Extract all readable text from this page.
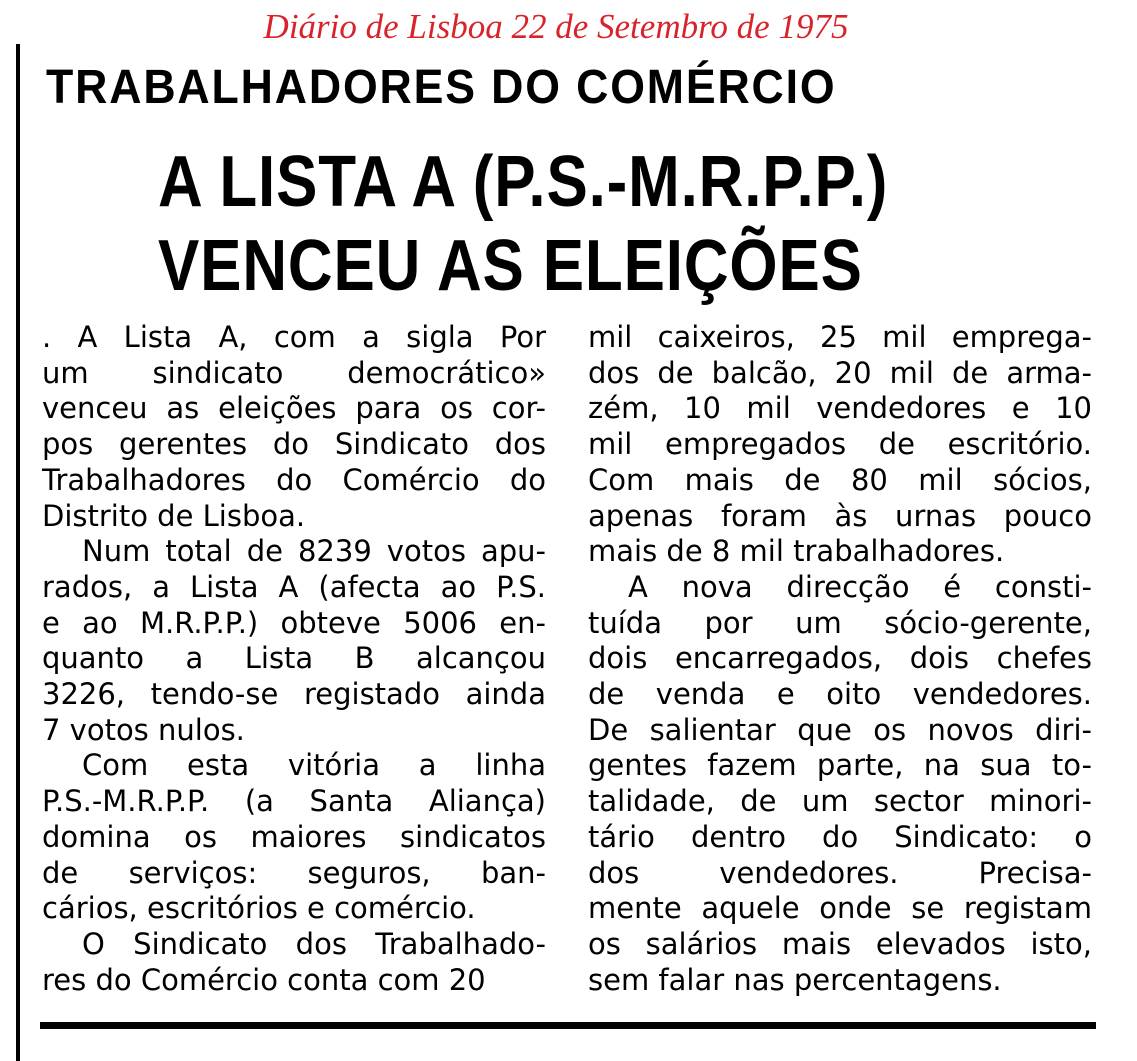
Diário de Lisboa 22 de Setembro de 1975
TRABALHADORES DO COMÉRCIO
A LISTA A (P.S.-M.R.P.P.)
VENCEU AS ELEIÇÕES

. A Lista A, com a sigla Por

um sindicato democrático»

venceu as eleições para os cor-

pos gerentes do Sindicato dos

Trabalhadores do Comércio do

Distrito de Lisboa.

Num total de 8239 votos apu-

rados, a Lista A (afecta ao P.S.

e ao M.R.P.P.) obteve 5006 en-

quanto a Lista B alcançou

3226, tendo-se registado ainda

7 votos nulos.

Com esta vitória a linha

P.S.-M.R.P.P. (a Santa Aliança)

domina os maiores sindicatos

de serviços: seguros, ban-

cários, escritórios e comércio.

O Sindicato dos Trabalhado-

res do Comércio conta com 20

mil caixeiros, 25 mil emprega-

dos de balcão, 20 mil de arma-

zém, 10 mil vendedores e 10

mil empregados de escritório.

Com mais de 80 mil sócios,

apenas foram às urnas pouco

mais de 8 mil trabalhadores.

A nova direcção é consti-

tuída por um sócio-gerente,

dois encarregados, dois chefes

de venda e oito vendedores.

De salientar que os novos diri-

gentes fazem parte, na sua to-

talidade, de um sector minori-

tário dentro do Sindicato: o

dos vendedores. Precisa-

mente aquele onde se registam

os salários mais elevados isto,

sem falar nas percentagens.
